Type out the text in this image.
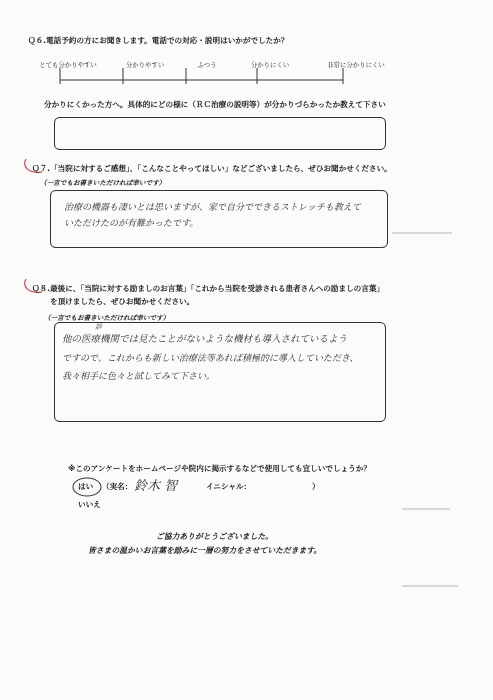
Ｑ６.電話予約の方にお聞きします。電話での対応・説明はいかがでしたか？
とても分かりやすい	分かりやすい	ふつう	分かりにくい	非常に分かりにくい
分かりにくかった方へ。具体的にどの様に（ＲＣ治療の説明等）が分かりづらかったか教えて下さい
Ｑ７.「当院に対するご感想」、「こんなことやってほしい」などございましたら、ぜひお聞かせください。
（一言でもお書きいただければ幸いです）
治療の機器も凄いとは思いますが、家で自分でできるストレッチも教えて
いただけたのが有難かったです。
Ｑ８.最後に、「当院に対する励ましのお言葉」「これから当院を受診される患者さんへの励ましの言葉」
を頂けましたら、ぜひお聞かせください。
（一言でもお書きいただければ幸いです）
診
他の医療機関では見たことがないような機材も導入されているよう
ですので、これからも新しい治療法等あれば積極的に導入していただき、
我々相手に色々と試してみて下さい。
※このアンケートをホームページや院内に掲示するなどで使用しても宜しいでしょうか？
はい （実名： 鈴木 智	イニシャル：	）
いいえ
ご協力ありがとうございました。
皆さまの温かいお言葉を励みに一層の努力をさせていただきます。
